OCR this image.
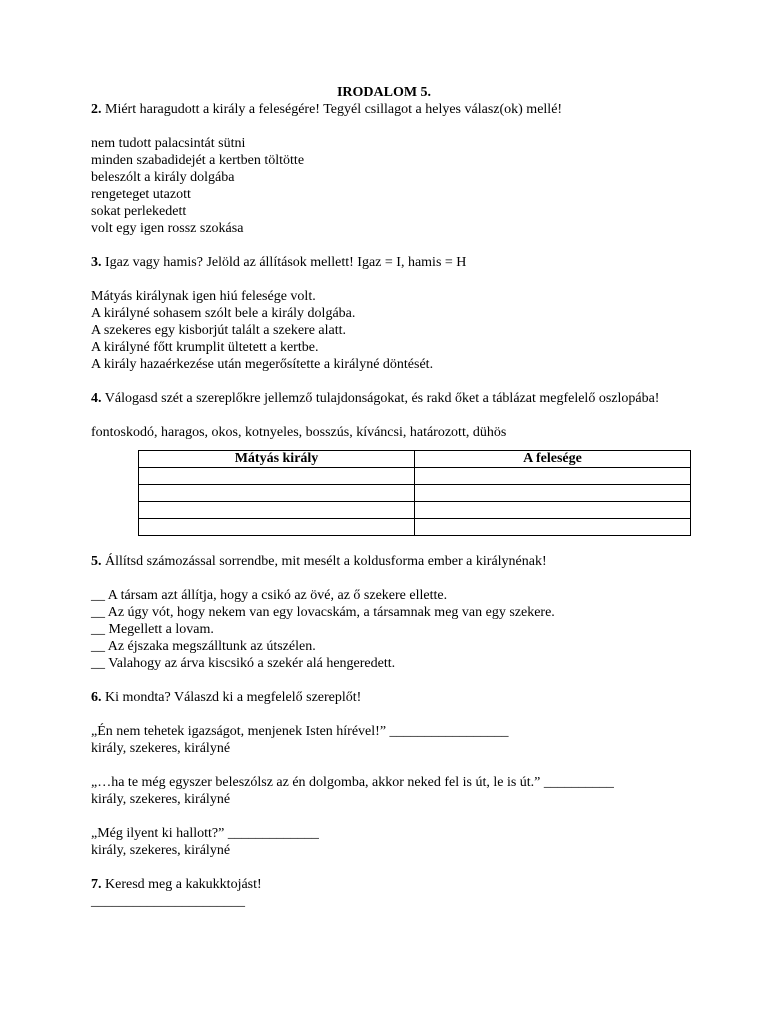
IRODALOM 5.
2. Miért haragudott a király a feleségére! Tegyél csillagot a helyes válasz(ok) mellé!
nem tudott palacsintát sütni
minden szabadidejét a kertben töltötte
beleszólt a király dolgába
rengeteget utazott
sokat perlekedett
volt egy igen rossz szokása
3. Igaz vagy hamis? Jelöld az állítások mellett! Igaz = I, hamis = H
Mátyás királynak igen hiú felesége volt.
A királyné sohasem szólt bele a király dolgába.
A szekeres egy kisborjút talált a szekere alatt.
A királyné főtt krumplit ültetett a kertbe.
A király hazaérkezése után megerősítette a királyné döntését.
4. Válogasd szét a szereplőkre jellemző tulajdonságokat, és rakd őket a táblázat megfelelő oszlopába!
fontoskodó, haragos, okos, kotnyeles, bosszús, kíváncsi, határozott, dühös
Mátyás király	A felesége

5. Állítsd számozással sorrendbe, mit mesélt a koldusforma ember a királynénak!
__ A társam azt állítja, hogy a csikó az övé, az ő szekere ellette.
__ Az úgy vót, hogy nekem van egy lovacskám, a társamnak meg van egy szekere.
__ Megellett a lovam.
__ Az éjszaka megszálltunk az útszélen.
__ Valahogy az árva kiscsikó a szekér alá hengeredett.
6. Ki mondta? Válaszd ki a megfelelő szereplőt!
„Én nem tehetek igazságot, menjenek Isten hírével!” _________________
király, szekeres, királyné
„…ha te még egyszer beleszólsz az én dolgomba, akkor neked fel is út, le is út.” __________
király, szekeres, királyné
„Még ilyent ki hallott?” _____________
király, szekeres, királyné
7. Keresd meg a kakukktojást!
______________________
